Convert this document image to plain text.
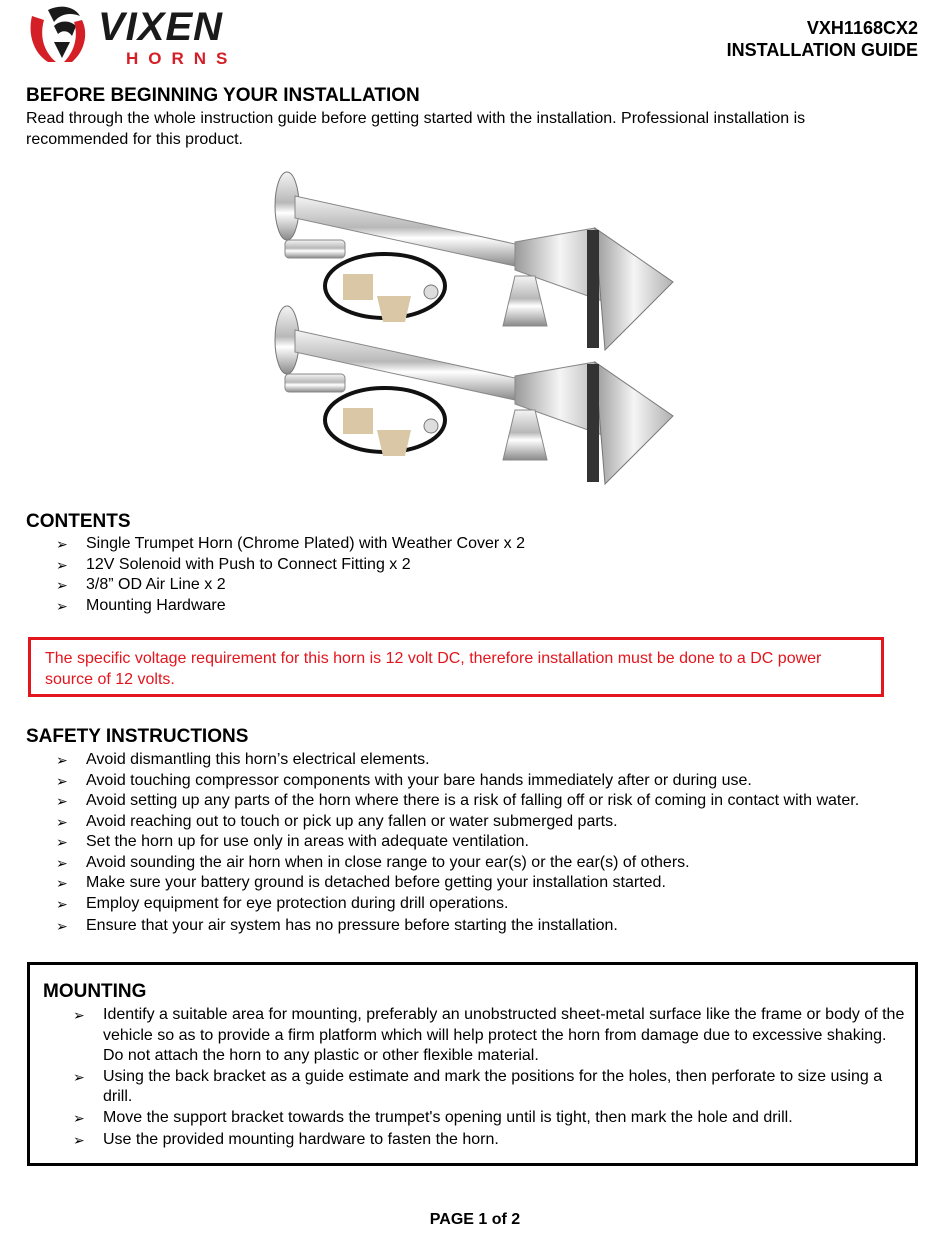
VIXEN
HORNS
VXH1168CX2
INSTALLATION GUIDE
BEFORE BEGINNING YOUR INSTALLATION

Read through the whole instruction guide before getting started with the installation. Professional installation is recommended for this product.

CONTENTS
➢ Single Trumpet Horn (Chrome Plated) with Weather Cover x 2
➢ 12V Solenoid with Push to Connect Fitting x 2
➢ 3/8” OD Air Line x 2
➢ Mounting Hardware

The specific voltage requirement for this horn is 12 volt DC, therefore installation must be done to a DC power source of 12 volts.

SAFETY INSTRUCTIONS
➢ Avoid dismantling this horn’s electrical elements.
➢ Avoid touching compressor components with your bare hands immediately after or during use.
➢ Avoid setting up any parts of the horn where there is a risk of falling off or risk of coming in contact with water.
➢ Avoid reaching out to touch or pick up any fallen or water submerged parts.
➢ Set the horn up for use only in areas with adequate ventilation.
➢ Avoid sounding the air horn when in close range to your ear(s) or the ear(s) of others.
➢ Make sure your battery ground is detached before getting your installation started.
➢ Employ equipment for eye protection during drill operations.
➢ Ensure that your air system has no pressure before starting the installation.
MOUNTING
➢ Identify a suitable area for mounting, preferably an unobstructed sheet-metal surface like the frame or body of the vehicle so as to provide a firm platform which will help protect the horn from damage due to excessive shaking. Do not attach the horn to any plastic or other flexible material.
➢ Using the back bracket as a guide estimate and mark the positions for the holes, then perforate to size using a drill.
➢ Move the support bracket towards the trumpet's opening until is tight, then mark the hole and drill.
➢ Use the provided mounting hardware to fasten the horn.
PAGE 1 of 2
